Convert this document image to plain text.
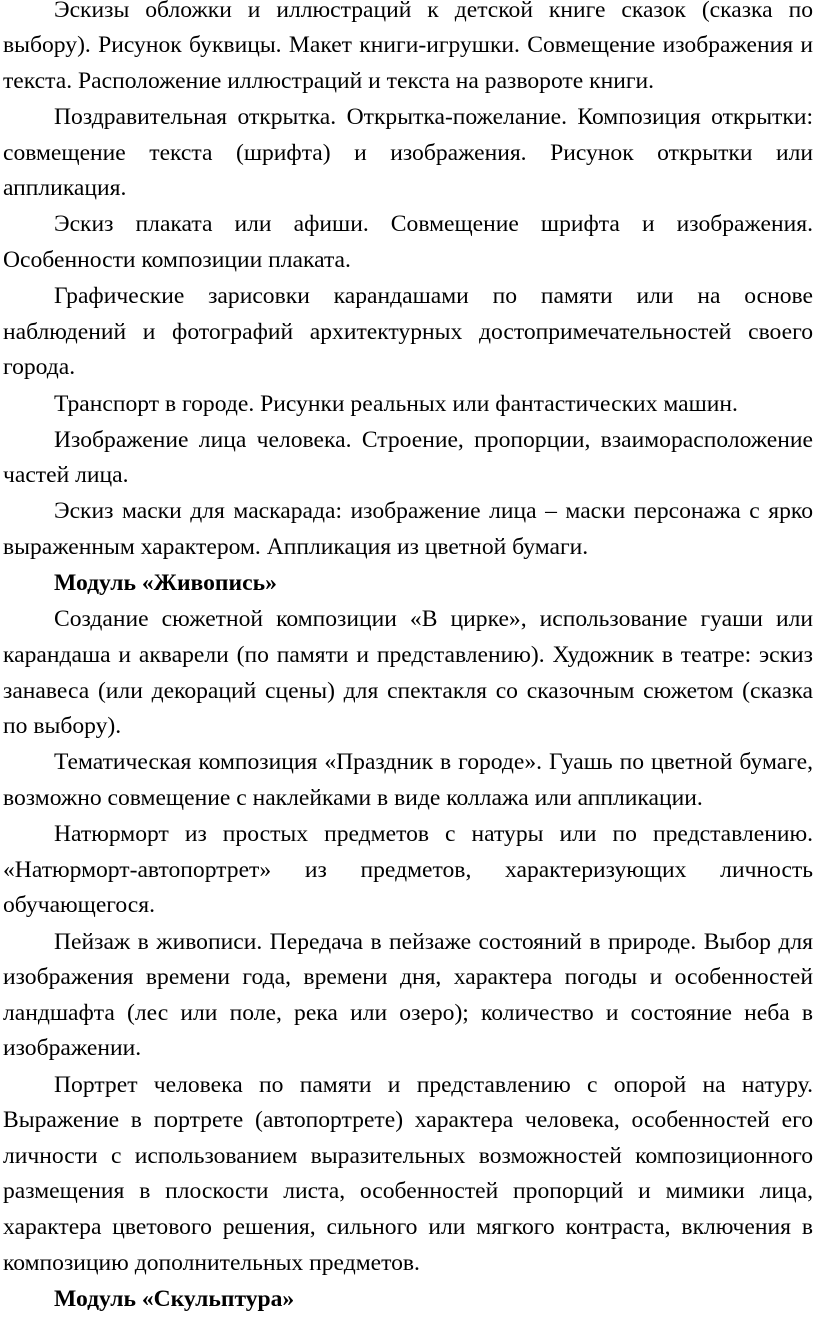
Эскизы обложки и иллюстраций к детской книге сказок (сказка по выбору). Рисунок буквицы. Макет книги-игрушки. Совмещение изображения и текста. Расположение иллюстраций и текста на развороте книги.

Поздравительная открытка. Открытка-пожелание. Композиция открытки: совмещение текста (шрифта) и изображения. Рисунок открытки или аппликация.

Эскиз плаката или афиши. Совмещение шрифта и изображения. Особенности композиции плаката.

Графические зарисовки карандашами по памяти или на основе наблюдений и фотографий архитектурных достопримечательностей своего города.

Транспорт в городе. Рисунки реальных или фантастических машин.

Изображение лица человека. Строение, пропорции, взаиморасположение частей лица.

Эскиз маски для маскарада: изображение лица – маски персонажа с ярко выраженным характером. Аппликация из цветной бумаги.

Модуль «Живопись»

Создание сюжетной композиции «В цирке», использование гуаши или карандаша и акварели (по памяти и представлению). Художник в театре: эскиз занавеса (или декораций сцены) для спектакля со сказочным сюжетом (сказка по выбору).

Тематическая композиция «Праздник в городе». Гуашь по цветной бумаге, возможно совмещение с наклейками в виде коллажа или аппликации.

Натюрморт из простых предметов с натуры или по представлению. «Натюрморт-автопортрет» из предметов, характеризующих личность обучающегося.

Пейзаж в живописи. Передача в пейзаже состояний в природе. Выбор для изображения времени года, времени дня, характера погоды и особенностей ландшафта (лес или поле, река или озеро); количество и состояние неба в изображении.

Портрет человека по памяти и представлению с опорой на натуру. Выражение в портрете (автопортрете) характера человека, особенностей его личности с использованием выразительных возможностей композиционного размещения в плоскости листа, особенностей пропорций и мимики лица, характера цветового решения, сильного или мягкого контраста, включения в композицию дополнительных предметов.

Модуль «Скульптура»
